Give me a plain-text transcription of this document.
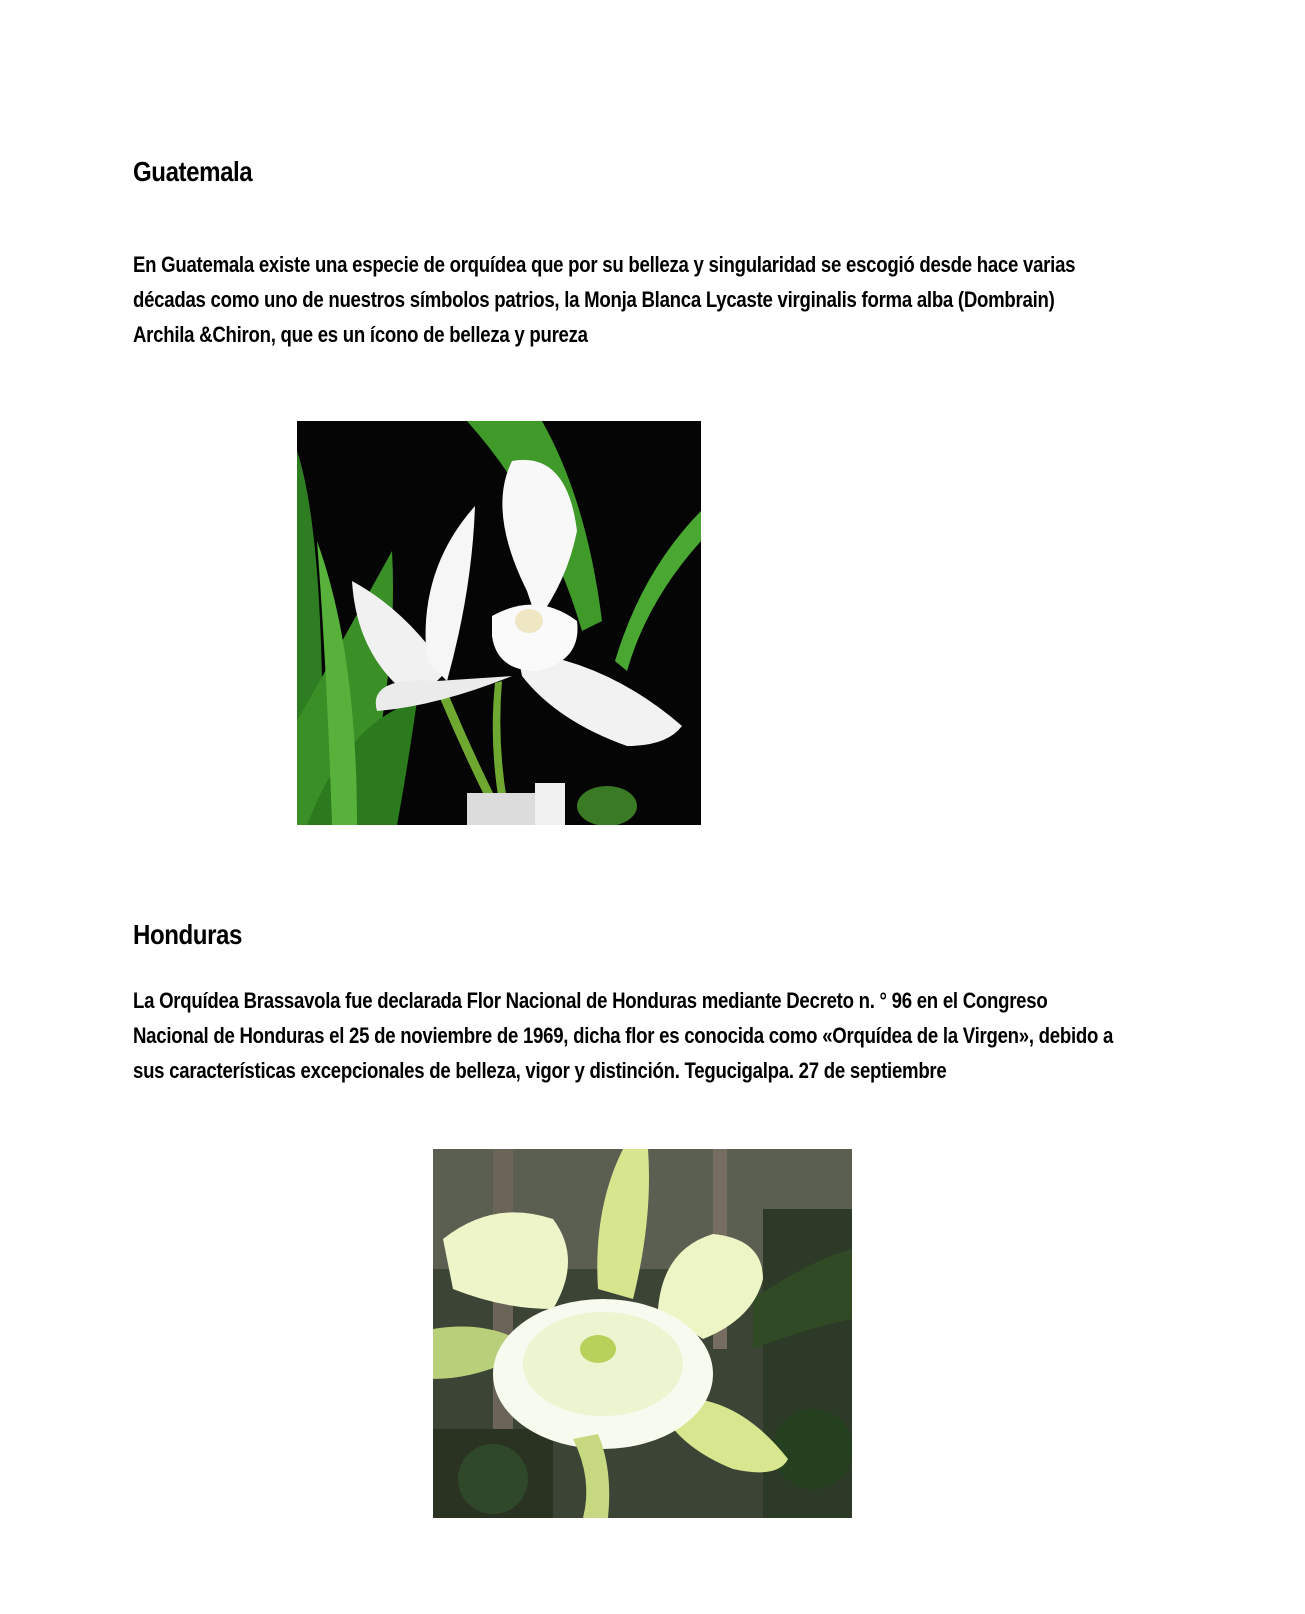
Guatemala

En Guatemala existe una especie de orquídea que por su belleza y singularidad se escogió desde hace varias décadas como uno de nuestros símbolos patrios, la Monja Blanca Lycaste virginalis forma alba (Dombrain) Archila &Chiron, que es un ícono de belleza y pureza

Honduras

La Orquídea Brassavola fue declarada Flor Nacional de Honduras mediante Decreto n. ° 96 en el Congreso Nacional de Honduras el 25 de noviembre de 1969, dicha flor es conocida como «Orquídea de la Virgen», debido a sus características excepcionales de belleza, vigor y distinción. Tegucigalpa. 27 de septiembre
